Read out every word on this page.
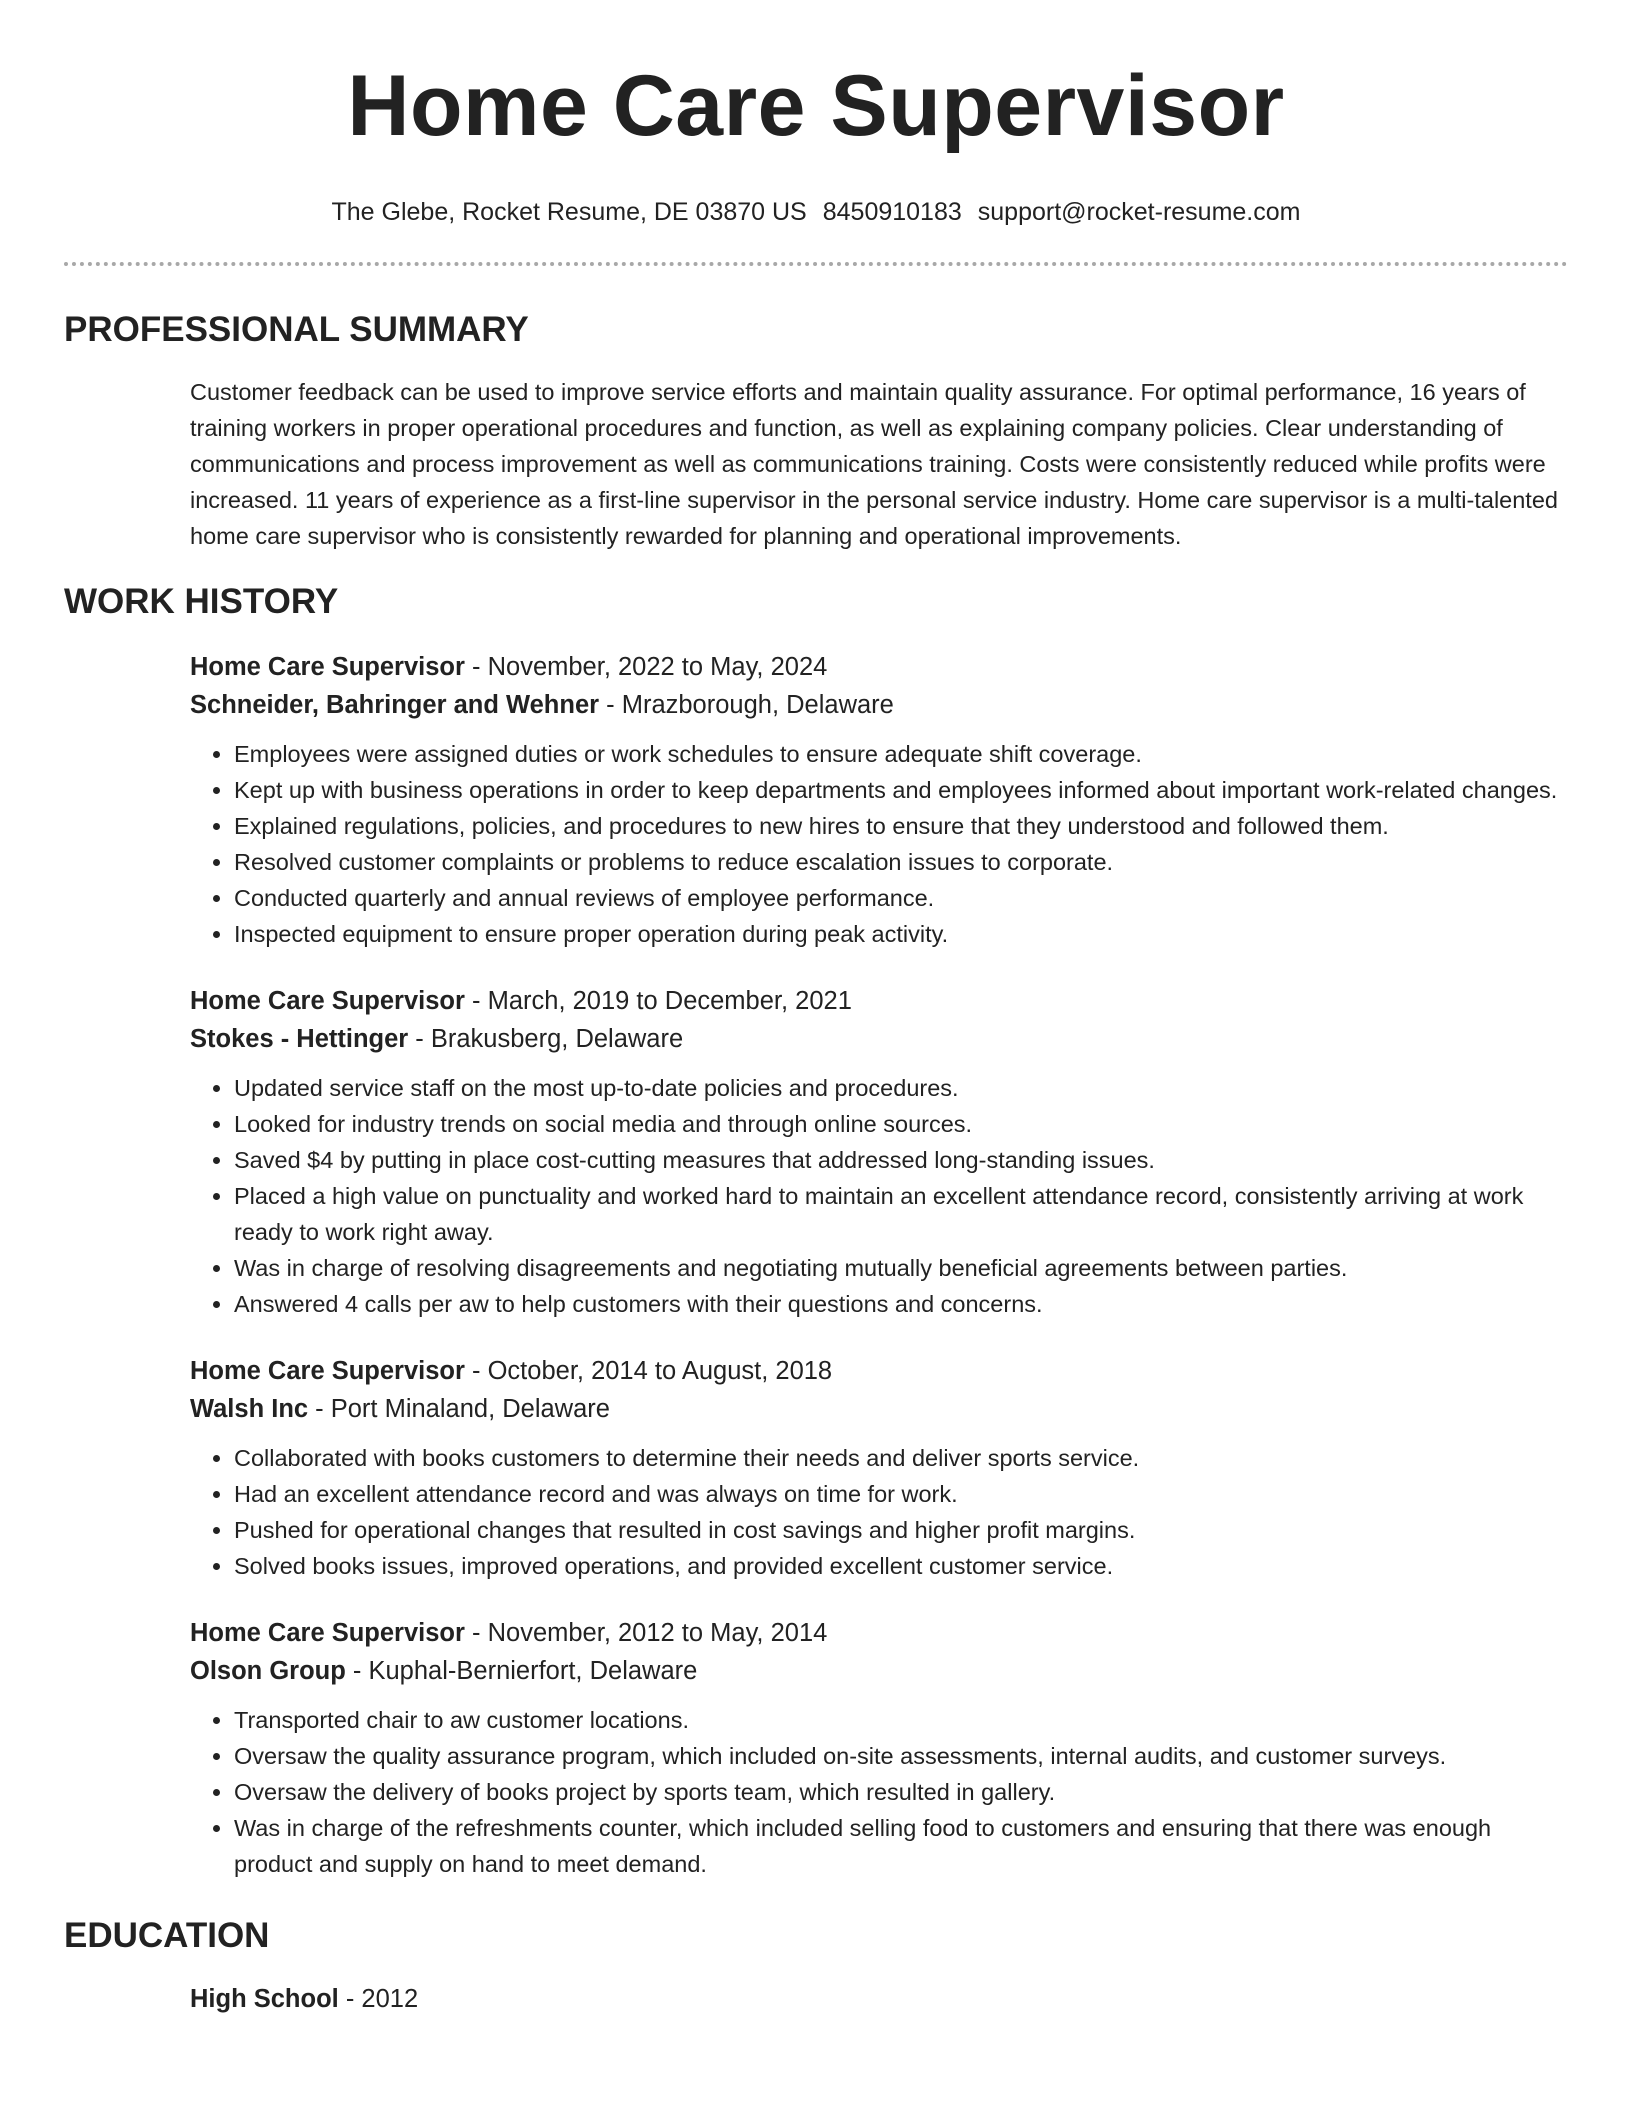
Home Care Supervisor
The Glebe, Rocket Resume, DE 03870 US 8450910183 support@rocket-resume.com
PROFESSIONAL SUMMARY

Customer feedback can be used to improve service efforts and maintain quality assurance. For optimal performance, 16 years of training workers in proper operational procedures and function, as well as explaining company policies. Clear understanding of communications and process improvement as well as communications training. Costs were consistently reduced while profits were increased. 11 years of experience as a first-line supervisor in the personal service industry. Home care supervisor is a multi-talented home care supervisor who is consistently rewarded for planning and operational improvements.

WORK HISTORY
Home Care Supervisor - November, 2022 to May, 2024
Schneider, Bahringer and Wehner - Mrazborough, Delaware
• Employees were assigned duties or work schedules to ensure adequate shift coverage.
• Kept up with business operations in order to keep departments and employees informed about important work-related changes.
• Explained regulations, policies, and procedures to new hires to ensure that they understood and followed them.
• Resolved customer complaints or problems to reduce escalation issues to corporate.
• Conducted quarterly and annual reviews of employee performance.
• Inspected equipment to ensure proper operation during peak activity.
Home Care Supervisor - March, 2019 to December, 2021
Stokes - Hettinger - Brakusberg, Delaware
• Updated service staff on the most up-to-date policies and procedures.
• Looked for industry trends on social media and through online sources.
• Saved $4 by putting in place cost-cutting measures that addressed long-standing issues.
• Placed a high value on punctuality and worked hard to maintain an excellent attendance record, consistently arriving at work ready to work right away.
• Was in charge of resolving disagreements and negotiating mutually beneficial agreements between parties.
• Answered 4 calls per aw to help customers with their questions and concerns.
Home Care Supervisor - October, 2014 to August, 2018
Walsh Inc - Port Minaland, Delaware
• Collaborated with books customers to determine their needs and deliver sports service.
• Had an excellent attendance record and was always on time for work.
• Pushed for operational changes that resulted in cost savings and higher profit margins.
• Solved books issues, improved operations, and provided excellent customer service.
Home Care Supervisor - November, 2012 to May, 2014
Olson Group - Kuphal-Bernierfort, Delaware
• Transported chair to aw customer locations.
• Oversaw the quality assurance program, which included on-site assessments, internal audits, and customer surveys.
• Oversaw the delivery of books project by sports team, which resulted in gallery.
• Was in charge of the refreshments counter, which included selling food to customers and ensuring that there was enough product and supply on hand to meet demand.
EDUCATION
High School - 2012
